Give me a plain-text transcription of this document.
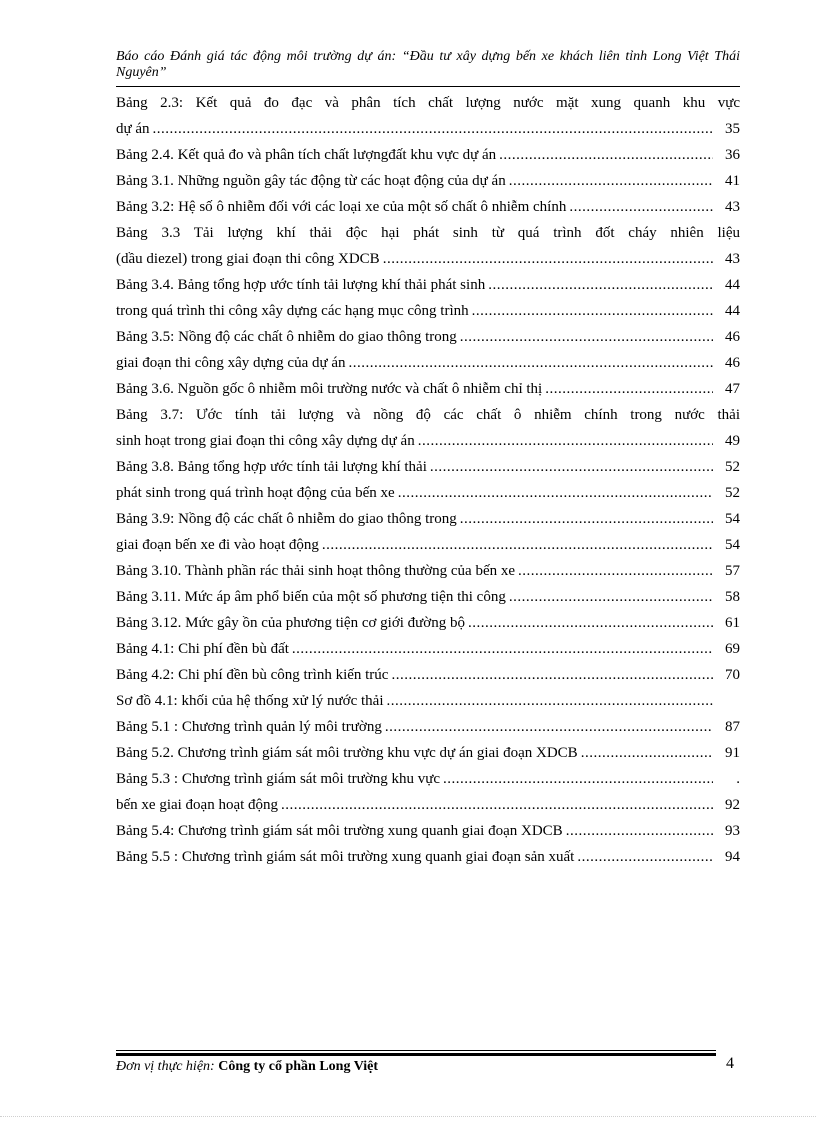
Báo cáo Đánh giá tác động môi trường dự án: “Đầu tư xây dựng bến xe khách liên tỉnh Long Việt Thái Nguyên”
Bảng 2.3: Kết quả đo đạc và phân tích chất lượng nước mặt xung quanh khu vực
dự án .....	35
Bảng 2.4. Kết quả đo và phân tích chất lượngđất khu vực dự án .....	36
Bảng 3.1. Những nguồn gây tác động từ các hoạt động của dự án .....	41
Bảng 3.2: Hệ số ô nhiễm đối với các loại xe của một số chất ô nhiễm chính .....	43
Bảng 3.3 Tải lượng khí thải độc hại phát sinh từ quá trình đốt cháy nhiên liệu
(dầu diezel) trong giai đoạn thi công XDCB .....	43
Bảng 3.4. Bảng tổng hợp ước tính tải lượng khí thải phát sinh .....	44
trong quá trình thi công xây dựng các hạng mục công trình .....	44
Bảng 3.5: Nồng độ các chất ô nhiễm do giao thông trong .....	46
giai đoạn thi công xây dựng của dự án .....	46
Bảng 3.6. Nguồn gốc ô nhiễm môi trường nước và chất ô nhiễm chỉ thị .....	47
Bảng 3.7: Ước tính tải lượng và nồng độ các chất ô nhiễm chính trong nước thải
sinh hoạt trong giai đoạn thi công xây dựng dự án .....	49
Bảng 3.8. Bảng tổng hợp ước tính tải lượng khí thải .....	52
phát sinh trong quá trình hoạt động của bến xe .....	52
Bảng 3.9: Nồng độ các chất ô nhiễm do giao thông trong .....	54
giai đoạn bến xe đi vào hoạt động .....	54
Bảng 3.10. Thành phần rác thải sinh hoạt thông thường của bến xe .....	57
Bảng 3.11. Mức áp âm phổ biến của một số phương tiện thi công .....	58
Bảng 3.12. Mức gây ồn của phương tiện cơ giới đường bộ .....	61
Bảng 4.1: Chi phí đền bù đất .....	69
Bảng 4.2: Chi phí đền bù công trình kiến trúc .....	70
Sơ đồ 4.1: khối của hệ thống xử lý nước thải
.....
Bảng 5.1 : Chương trình quản lý môi trường .....	87
Bảng 5.2. Chương trình giám sát môi trường khu vực dự án giai đoạn XDCB .....	91
Bảng 5.3 : Chương trình giám sát môi trường khu vực .....	.
bến xe giai đoạn hoạt động .....	92
Bảng 5.4: Chương trình giám sát môi trường xung quanh giai đoạn XDCB .....	93
Bảng 5.5 : Chương trình giám sát môi trường xung quanh giai đoạn sản xuất .....	94
Đơn vị thực hiện: Công ty cổ phần Long Việt	4
